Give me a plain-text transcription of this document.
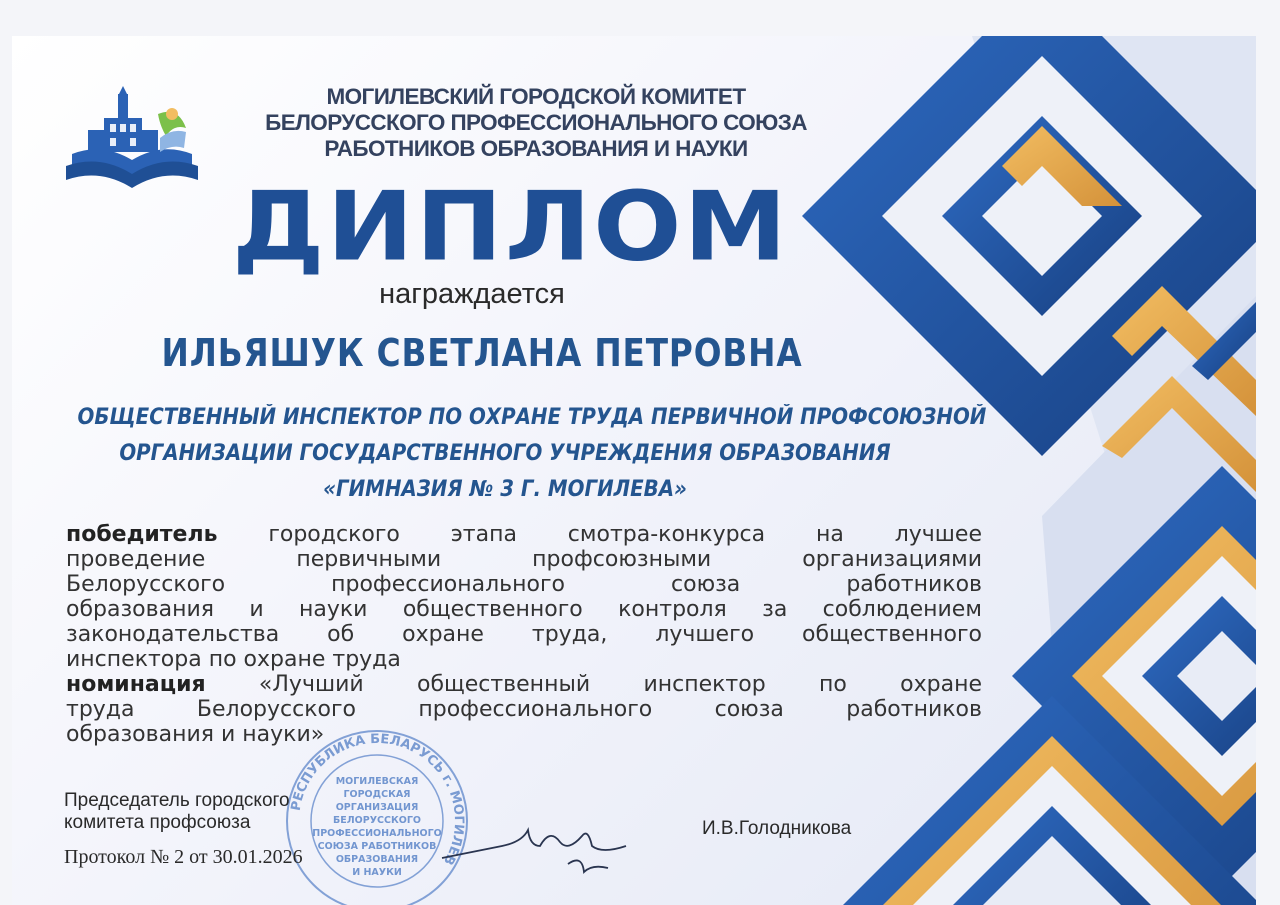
МОГИЛЕВСКИЙ ГОРОДСКОЙ КОМИТЕТ
БЕЛОРУССКОГО ПРОФЕССИОНАЛЬНОГО СОЮЗА
РАБОТНИКОВ ОБРАЗОВАНИЯ И НАУКИ
ДИПЛОМ
награждается
ИЛЬЯШУК СВЕТЛАНА ПЕТРОВНА
ОБЩЕСТВЕННЫЙ ИНСПЕКТОР ПО ОХРАНЕ ТРУДА ПЕРВИЧНОЙ ПРОФСОЮЗНОЙ
ОРГАНИЗАЦИИ ГОСУДАРСТВЕННОГО УЧРЕЖДЕНИЯ ОБРАЗОВАНИЯ
«ГИМНАЗИЯ № 3 Г. МОГИЛЕВА»
победитель городского этапа смотра-конкурса на лучшее
проведение	первичными	профсоюзными	организациями
Белорусского	профессионального	союза	работников
образования и науки общественного контроля за соблюдением
законодательства об охране труда, лучшего общественного
инспектора по охране труда
номинация «Лучший общественный инспектор по охране
труда	Белорусского	профессионального	союза	работников
образования и науки»
РЕСПУБЛИКА БЕЛАРУСЬ г. МОГИЛЕВ
МОГИЛЕВСКАЯ
ГОРОДСКАЯ
ОРГАНИЗАЦИЯ
БЕЛОРУССКОГО
ПРОФЕССИОНАЛЬНОГО
СОЮЗА РАБОТНИКОВ
ОБРАЗОВАНИЯ
И НАУКИ
Председатель городского
комитета профсоюза
Протокол № 2 от 30.01.2026
И.В.Голодникова
